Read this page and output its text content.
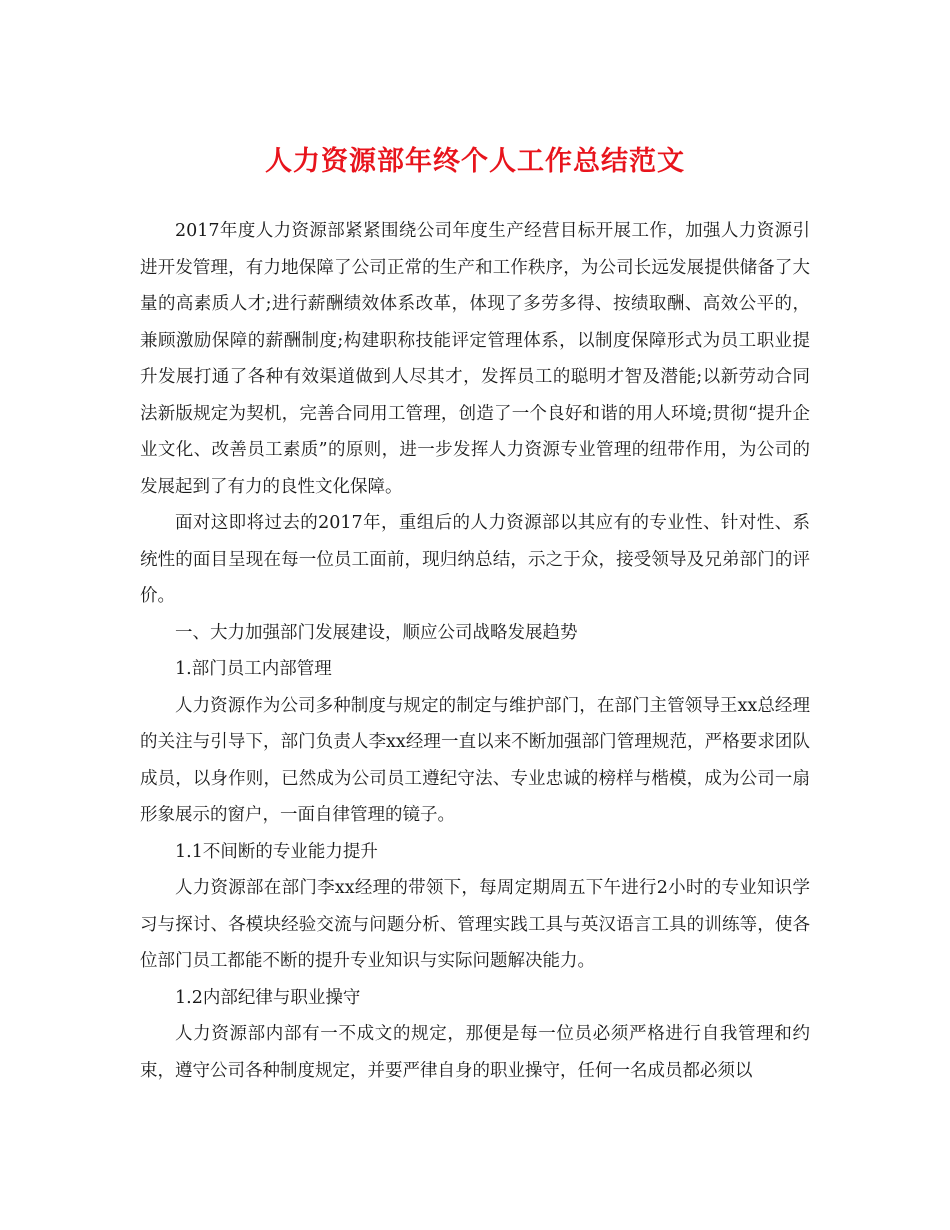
人力资源部年终个人工作总结范文

2017年度人力资源部紧紧围绕公司年度生产经营目标开展工作，加强人力资源引进开发管理，有力地保障了公司正常的生产和工作秩序，为公司长远发展提供储备了大量的高素质人才;进行薪酬绩效体系改革，体现了多劳多得、按绩取酬、高效公平的，兼顾激励保障的薪酬制度;构建职称技能评定管理体系，以制度保障形式为员工职业提升发展打通了各种有效渠道做到人尽其才，发挥员工的聪明才智及潜能;以新劳动合同法新版规定为契机，完善合同用工管理，创造了一个良好和谐的用人环境;贯彻“提升企业文化、改善员工素质”的原则，进一步发挥人力资源专业管理的纽带作用，为公司的发展起到了有力的良性文化保障。

面对这即将过去的2017年，重组后的人力资源部以其应有的专业性、针对性、系统性的面目呈现在每一位员工面前，现归纳总结，示之于众，接受领导及兄弟部门的评价。

一、大力加强部门发展建设，顺应公司战略发展趋势

1.部门员工内部管理

人力资源作为公司多种制度与规定的制定与维护部门，在部门主管领导王xx总经理的关注与引导下，部门负责人李xx经理一直以来不断加强部门管理规范，严格要求团队成员，以身作则，已然成为公司员工遵纪守法、专业忠诚的榜样与楷模，成为公司一扇形象展示的窗户，一面自律管理的镜子。

1.1不间断的专业能力提升

人力资源部在部门李xx经理的带领下，每周定期周五下午进行2小时的专业知识学习与探讨、各模块经验交流与问题分析、管理实践工具与英汉语言工具的训练等，使各位部门员工都能不断的提升专业知识与实际问题解决能力。

1.2内部纪律与职业操守

人力资源部内部有一不成文的规定，那便是每一位员必须严格进行自我管理和约束，遵守公司各种制度规定，并要严律自身的职业操守，任何一名成员都必须以
